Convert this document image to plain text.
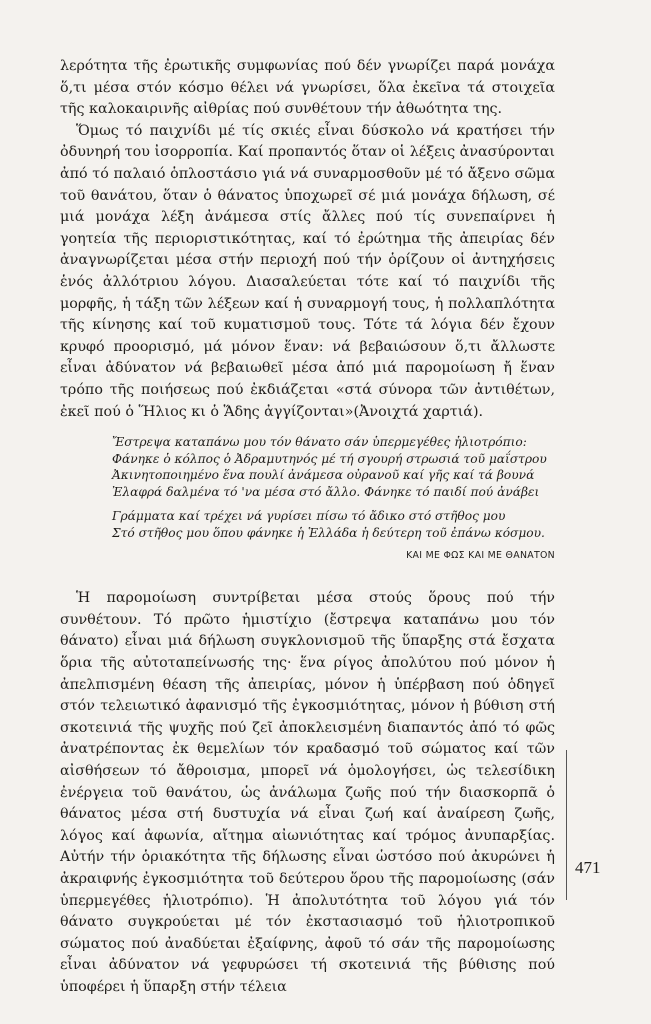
λερότητα τῆς ἐρωτικῆς συμφωνίας πού δέν γνωρίζει παρά μονάχα ὅ,τι μέσα στόν κόσμο θέλει νά γνωρίσει, ὅλα ἐκεῖνα τά στοιχεῖα τῆς καλοκαιρινῆς αἰθρίας πού συνθέτουν τήν ἀθωότητα της.

Ὅμως τό παιχνίδι μέ τίς σκιές εἶναι δύσκολο νά κρατήσει τήν ὀδυνηρή του ἰσορροπία. Καί προπαντός ὅταν οἱ λέξεις ἀνασύρονται ἀπό τό παλαιό ὁπλοστάσιο γιά νά συναρμοσθοῦν μέ τό ἄξενο σῶμα τοῦ θανάτου, ὅταν ὁ θάνατος ὑποχωρεῖ σέ μιά μονάχα δήλωση, σέ μιά μονάχα λέξη ἀνάμεσα στίς ἄλλες πού τίς συνεπαίρνει ἡ γοητεία τῆς περιοριστικότητας, καί τό ἐρώτημα τῆς ἀπειρίας δέν ἀναγνωρίζεται μέσα στήν περιοχή πού τήν ὁρίζουν οἱ ἀντηχήσεις ἑνός ἀλλότριου λόγου. Διασαλεύεται τότε καί τό παιχνίδι τῆς μορφῆς, ἡ τάξη τῶν λέξεων καί ἡ συναρμογή τους, ἡ πολλαπλότητα τῆς κίνησης καί τοῦ κυματισμοῦ τους. Τότε τά λόγια δέν ἔχουν κρυφό προορισμό, μά μόνον ἕναν: νά βεβαιώσουν ὅ,τι ἄλλωστε εἶναι ἀδύνατον νά βεβαιωθεῖ μέσα ἀπό μιά παρομοίωση ἤ ἕναν τρόπο τῆς ποιήσεως πού ἐκδιάζεται «στά σύνορα τῶν ἀντιθέτων, ἐκεῖ πού ὁ Ἥλιος κι ὁ Ἅδης ἀγγίζονται»(Ἀνοιχτά χαρτιά).

Ἔστρεψα καταπάνω μου τόν θάνατο σάν ὑπερμεγέθες ἡλιοτρόπιο:
Φάνηκε ὁ κόλπος ὁ Ἀδραμυτηνός μέ τή σγουρή στρωσιά τοῦ μαΐστρου
Ἀκινητοποιημένο ἕνα πουλί ἀνάμεσα οὐρανοῦ καί γῆς καί τά βουνά
Ἐλαφρά δαλμένα τό 'να μέσα στό ἄλλο. Φάνηκε τό παιδί πού ἀνάβει
Γράμματα καί τρέχει νά γυρίσει πίσω τό ἄδικο στό στῆθος μου
Στό στῆθος μου ὅπου φάνηκε ἡ Ἑλλάδα ἡ δεύτερη τοῦ ἐπάνω κόσμου.

ΚΑΙ ΜΕ ΦΩΣ ΚΑΙ ΜΕ ΘΑΝΑΤΟΝ

Ἡ παρομοίωση συντρίβεται μέσα στούς ὅρους πού τήν συνθέτουν. Τό πρῶτο ἡμιστίχιο (ἔστρεψα καταπάνω μου τόν θάνατο) εἶναι μιά δήλωση συγκλονισμοῦ τῆς ὕπαρξης στά ἔσχατα ὅρια τῆς αὐτοταπείνωσής της· ἕνα ρίγος ἀπολύτου πού μόνον ἡ ἀπελπισμένη θέαση τῆς ἀπειρίας, μόνον ἡ ὑπέρβαση πού ὁδηγεῖ στόν τελειωτικό ἀφανισμό τῆς ἐγκοσμιότητας, μόνον ἡ βύθιση στή σκοτεινιά τῆς ψυχῆς πού ζεῖ ἀποκλεισμένη διαπαντός ἀπό τό φῶς ἀνατρέποντας ἐκ θεμελίων τόν κραδασμό τοῦ σώματος καί τῶν αἰσθήσεων τό ἄθροισμα, μπορεῖ νά ὁμολογήσει, ὡς τελεσίδικη ἐνέργεια τοῦ θανάτου, ὡς ἀνάλωμα ζωῆς πού τήν διασκορπᾶ ὁ θάνατος μέσα στή δυστυχία νά εἶναι ζωή καί ἀναίρεση ζωῆς, λόγος καί ἀφωνία, αἴτημα αἰωνιότητας καί τρόμος ἀνυπαρξίας. Αὐτήν τήν ὁριακότητα τῆς δήλωσης εἶναι ὡστόσο πού ἀκυρώνει ἡ ἀκραιφνής ἐγκοσμιότητα τοῦ δεύτερου ὅρου τῆς παρομοίωσης (σάν ὑπερμεγέθες ἡλιοτρόπιο). Ἡ ἀπολυτότητα τοῦ λόγου γιά τόν θάνατο συγκρούεται μέ τόν ἐκστασιασμό τοῦ ἡλιοτροπικοῦ σώματος πού ἀναδύεται ἐξαίφνης, ἀφοῦ τό σάν τῆς παρομοίωσης εἶναι ἀδύνατον νά γεφυρώσει τή σκοτεινιά τῆς βύθισης πού ὑποφέρει ἡ ὕπαρξη στήν τέλεια

471
